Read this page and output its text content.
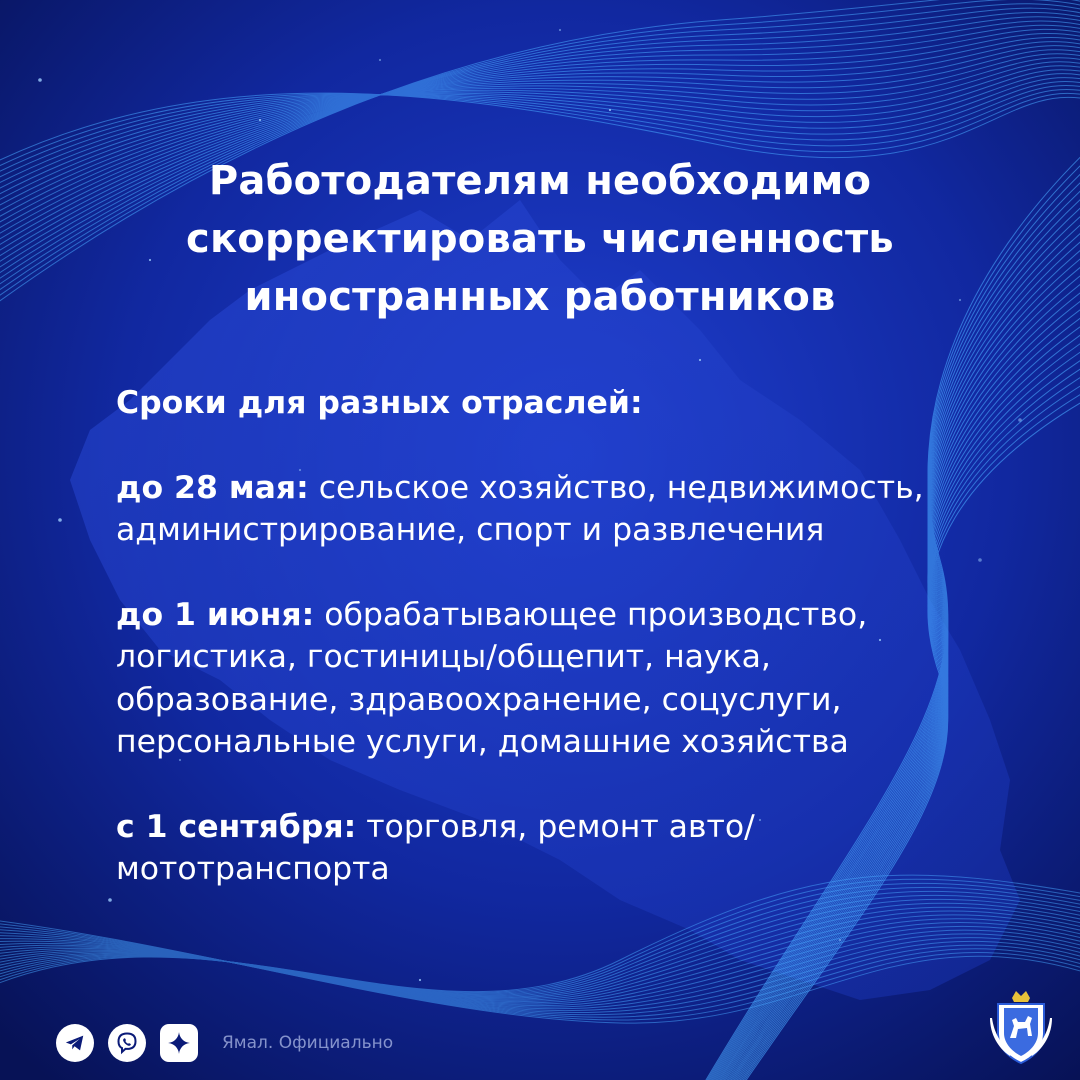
Работодателям необходимо
скорректировать численность
иностранных работников
Сроки для разных отраслей:
до 28 мая: сельское хозяйство, недвижимость,
администрирование, спорт и развлечения
до 1 июня: обрабатывающее производство,
логистика, гостиницы/общепит, наука,
образование, здравоохранение, соцуслуги,
персональные услуги, домашние хозяйства
с 1 сентября: торговля, ремонт авто/
мототранспорта
Ямал. Официально
